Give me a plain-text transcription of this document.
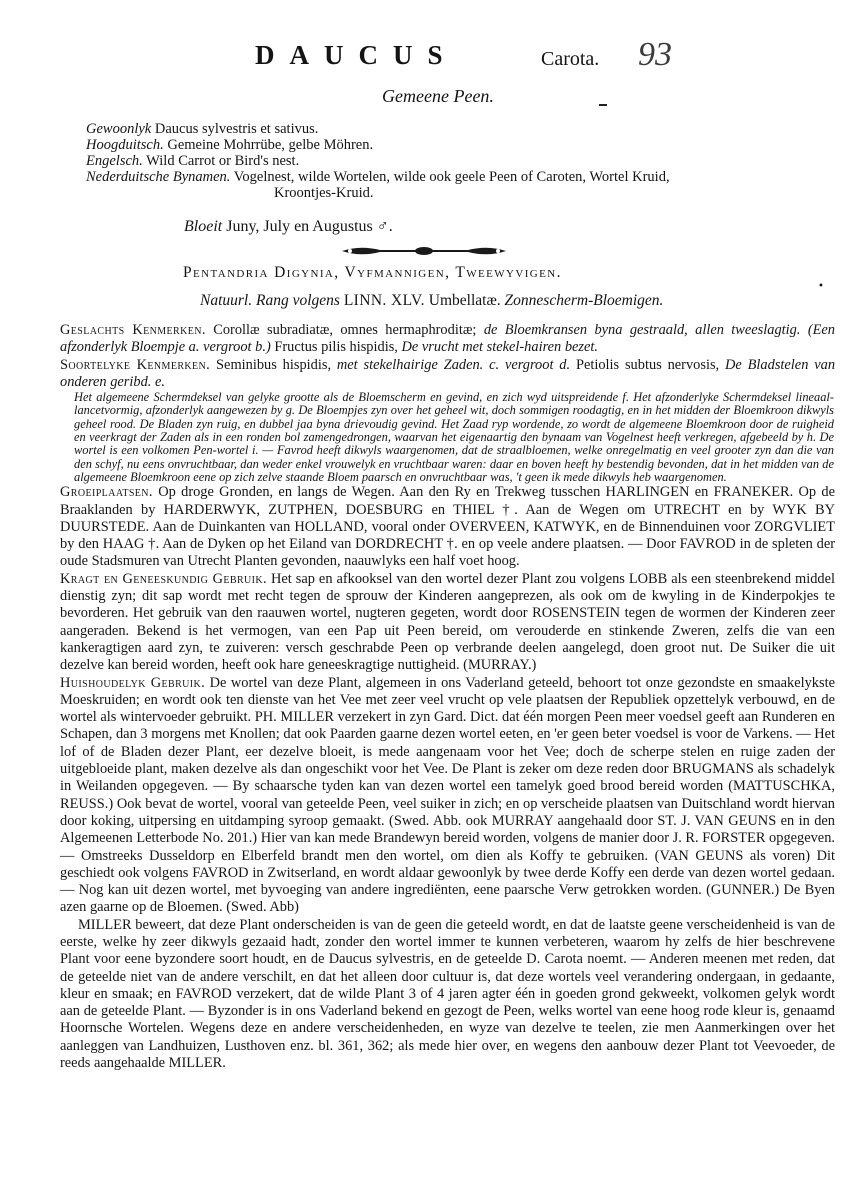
DAUCUS	Carota. 93
Gemeene Peen.
Gewoonlyk Daucus sylvestris et sativus.
Hoogduitsch. Gemeine Mohrrübe, gelbe Möhren.
Engelsch. Wild Carrot or Bird's nest.
Nederduitsche Bynamen. Vogelnest, wilde Wortelen, wilde ook geele Peen of Caroten, Wortel Kruid,
Kroontjes-Kruid.
Bloeit Juny, July en Augustus ♂.
Pentandria Digynia, Vyfmannigen, Tweewyvigen.
•
Natuurl. Rang volgens LINN. XLV. Umbellatæ. Zonnescherm-Bloemigen.
Geslachts Kenmerken. Corollæ subradiatæ, omnes hermaphroditæ; de Bloemkransen byna gestraald, allen tweeslagtig. (Een afzonderlyk Bloempje a. vergroot b.) Fructus pilis hispidis, De vrucht met stekel-hairen bezet.
Soortelyke Kenmerken. Seminibus hispidis, met stekelhairige Zaden. c. vergroot d. Petiolis subtus nervosis, De Bladstelen van onderen geribd. e.
Het algemeene Schermdeksel van gelyke grootte als de Bloemscherm en gevind, en zich wyd uitspreidende f. Het afzonderlyke Schermdeksel lineaal-lancetvormig, afzonderlyk aangewezen by g. De Bloempjes zyn over het geheel wit, doch sommigen roodagtig, en in het midden der Bloemkroon dikwyls geheel rood. De Bladen zyn ruig, en dubbel jaa byna drievoudig gevind. Het Zaad ryp wordende, zo wordt de algemeene Bloemkroon door de ruigheid en veerkragt der Zaden als in een ronden bol zamengedrongen, waarvan het eigenaartig den bynaam van Vogelnest heeft verkregen, afgebeeld by h. De wortel is een volkomen Pen-wortel i. — Favrod heeft dikwyls waargenomen, dat de straalbloemen, welke onregelmatig en veel grooter zyn dan die van den schyf, nu eens onvruchtbaar, dan weder enkel vrouwelyk en vruchtbaar waren: daar en boven heeft hy bestendig bevonden, dat in het midden van de algemeene Bloemkroon eene op zich zelve staande Bloem paarsch en onvruchtbaar was, 't geen ik mede dikwyls heb waargenomen.
Groeiplaatsen. Op droge Gronden, en langs de Wegen. Aan den Ry en Trekweg tusschen HARLINGEN en FRANEKER. Op de Braaklanden by HARDERWYK, ZUTPHEN, DOESBURG en THIEL †. Aan de Wegen om UTRECHT en by WYK BY DUURSTEDE. Aan de Duinkanten van HOLLAND, vooral onder OVERVEEN, KATWYK, en de Binnenduinen voor ZORGVLIET by den HAAG †. Aan de Dyken op het Eiland van DORDRECHT †. en op veele andere plaatsen. — Door FAVROD in de spleten der oude Stadsmuren van Utrecht Planten gevonden, naauwlyks een half voet hoog.
Kragt en Geneeskundig Gebruik. Het sap en afkooksel van den wortel dezer Plant zou volgens LOBB als een steenbrekend middel dienstig zyn; dit sap wordt met recht tegen de sprouw der Kinderen aangeprezen, als ook om de kwyling in de Kinderpokjes te bevorderen. Het gebruik van den raauwen wortel, nugteren gegeten, wordt door ROSENSTEIN tegen de wormen der Kinderen zeer aangeraden. Bekend is het vermogen, van een Pap uit Peen bereid, om verouderde en stinkende Zweren, zelfs die van een kankeragtigen aard zyn, te zuiveren: versch geschrabde Peen op verbrande deelen aangelegd, doen groot nut. De Suiker die uit dezelve kan bereid worden, heeft ook hare geneeskragtige nuttigheid. (MURRAY.)
Huishoudelyk Gebruik. De wortel van deze Plant, algemeen in ons Vaderland geteeld, behoort tot onze gezondste en smaakelykste Moeskruiden; en wordt ook ten dienste van het Vee met zeer veel vrucht op vele plaatsen der Republiek opzettelyk verbouwd, en de wortel als wintervoeder gebruikt. PH. MILLER verzekert in zyn Gard. Dict. dat één morgen Peen meer voedsel geeft aan Runderen en Schapen, dan 3 morgens met Knollen; dat ook Paarden gaarne dezen wortel eeten, en 'er geen beter voedsel is voor de Varkens. — Het lof of de Bladen dezer Plant, eer dezelve bloeit, is mede aangenaam voor het Vee; doch de scherpe stelen en ruige zaden der uitgebloeide plant, maken dezelve als dan ongeschikt voor het Vee. De Plant is zeker om deze reden door BRUGMANS als schadelyk in Weilanden opgegeven. — By schaarsche tyden kan van dezen wortel een tamelyk goed brood bereid worden (MATTUSCHKA, REUSS.) Ook bevat de wortel, vooral van geteelde Peen, veel suiker in zich; en op verscheide plaatsen van Duitschland wordt hiervan door koking, uitpersing en uitdamping syroop gemaakt. (Swed. Abb. ook MURRAY aangehaald door ST. J. VAN GEUNS en in den Algemeenen Letterbode No. 201.) Hier van kan mede Brandewyn bereid worden, volgens de manier door J. R. FORSTER opgegeven. — Omstreeks Dusseldorp en Elberfeld brandt men den wortel, om dien als Koffy te gebruiken. (VAN GEUNS als voren) Dit geschiedt ook volgens FAVROD in Zwitserland, en wordt aldaar gewoonlyk by twee derde Koffy een derde van dezen wortel gedaan. — Nog kan uit dezen wortel, met byvoeging van andere ingrediënten, eene paarsche Verw getrokken worden. (GUNNER.) De Byen azen gaarne op de Bloemen. (Swed. Abb)
MILLER beweert, dat deze Plant onderscheiden is van de geen die geteeld wordt, en dat de laatste geene verscheidenheid is van de eerste, welke hy zeer dikwyls gezaaid hadt, zonder den wortel immer te kunnen verbeteren, waarom hy zelfs de hier beschrevene Plant voor eene byzondere soort houdt, en de Daucus sylvestris, en de geteelde D. Carota noemt. — Anderen meenen met reden, dat de geteelde niet van de andere verschilt, en dat het alleen door cultuur is, dat deze wortels veel verandering ondergaan, in gedaante, kleur en smaak; en FAVROD verzekert, dat de wilde Plant 3 of 4 jaren agter één in goeden grond gekweekt, volkomen gelyk wordt aan de geteelde Plant. — Byzonder is in ons Vaderland bekend en gezogt de Peen, welks wortel van eene hoog rode kleur is, genaamd Hoornsche Wortelen. Wegens deze en andere verscheidenheden, en wyze van dezelve te teelen, zie men Aanmerkingen over het aanleggen van Landhuizen, Lusthoven enz. bl. 361, 362; als mede hier over, en wegens den aanbouw dezer Plant tot Veevoeder, de reeds aangehaalde MILLER.
